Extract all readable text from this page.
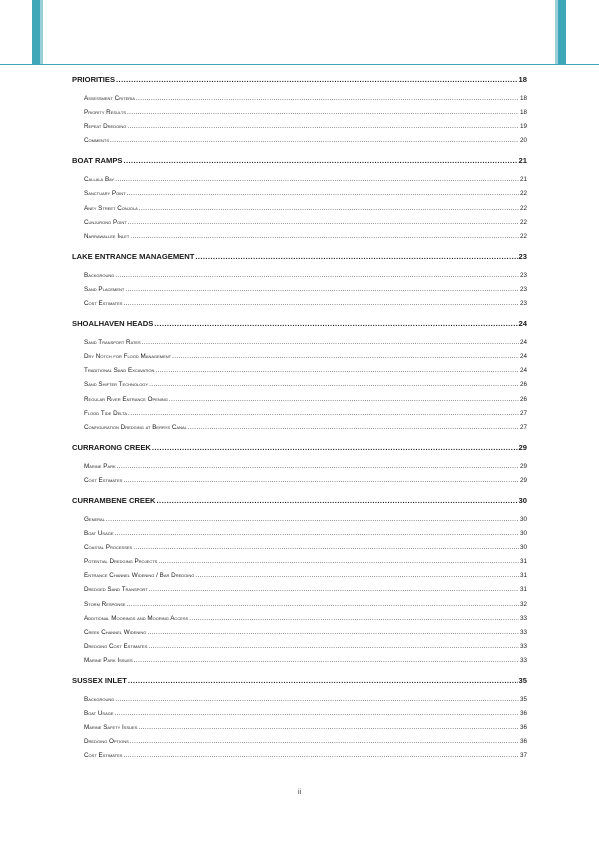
PRIORITIES .....	18
Assessment Criteria .....	18
Priority Results .....	18
Repeat Dredging .....	19
Comments .....	20
BOAT RAMPS .....	21
Callala Bay .....	21
Sanctuary Point .....	22
Aney Street Conjola .....	22
Cunjurong Point .....	22
Narrawallee Inlet .....	22
LAKE ENTRANCE MANAGEMENT .....	23
Background .....	23
Sand Placement .....	23
Cost Estimates .....	23
SHOALHAVEN HEADS .....	24
Sand Transport Rates .....	24
Dry Notch for Flood Management .....	24
Traditional Sand Excavation .....	24
Sand Shifter Technology .....	26
Regular River Entrance Opening .....	26
Flood Tide Delta .....	27
Configuration Dredging at Berrys Canal .....	27
CURRARONG CREEK .....	29
Marine Park .....	29
Cost Estimates .....	29
CURRAMBENE CREEK .....	30
General .....	30
Boat Usage .....	30
Coastal Processes .....	30
Potential Dredging Projects .....	31
Entrance Channel Widening / Bar Dredging .....	31
Dredged Sand Transport .....	31
Storm Response .....	32
Additional Moorings and Mooring Access .....	33
Creek Channel Widening .....	33
Dredging Cost Estimates .....	33
Marine Park Issues .....	33
SUSSEX INLET .....	35
Background .....	35
Boat Usage .....	36
Marine Safety Issues .....	36
Dredging Options .....	36
Cost Estimates .....	37
ii
